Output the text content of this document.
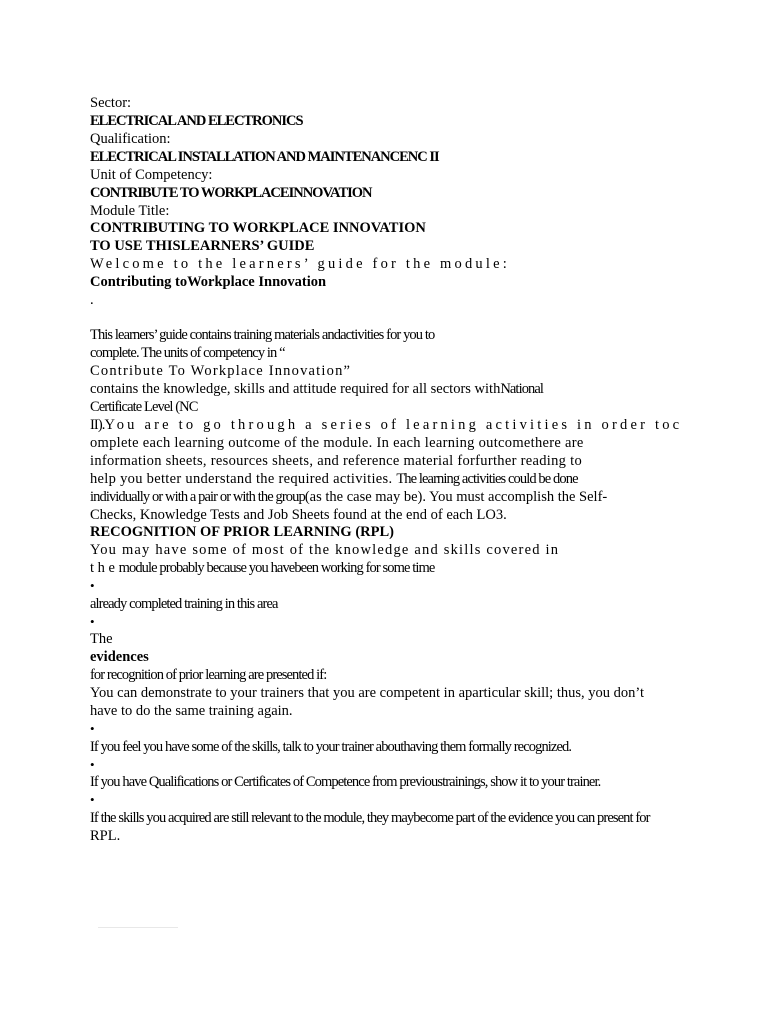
Sector:

ELECTRICAL AND ELECTRONICS

Qualification:

ELECTRICAL INSTALLATION AND MAINTENANCENC II

Unit of Competency:

CONTRIBUTE TO WORKPLACEINNOVATION

Module Title:

CONTRIBUTING TO WORKPLACE INNOVATION

TO USE THISLEARNERS’ GUIDE

Welcome to the learners’ guide for the module:

Contributing toWorkplace Innovation

.

This learners’ guide contains training materials andactivities for you to

complete. The units of competency in “

Contribute To Workplace Innovation”

contains the knowledge, skills and attitude required for all sectors withNational

Certificate Level (NC

II).You are to go through a series of learning activities in order toc

omplete each learning outcome of the module. In each learning outcomethere are

information sheets, resources sheets, and reference material forfurther reading to

help you better understand the required activities. The learning activities could be done

individually or with a pair or with the group(as the case may be). You must accomplish the Self-

Checks, Knowledge Tests and Job Sheets found at the end of each LO3.

RECOGNITION OF PRIOR LEARNING (RPL)

You may have some of most of the knowledge and skills covered in

t h e module probably because you havebeen working for some time

•

already completed training in this area

•

The

evidences

for recognition of prior learning are presented if:

You can demonstrate to your trainers that you are competent in aparticular skill; thus, you don’t

have to do the same training again.

•

If you feel you have some of the skills, talk to your trainer abouthaving them formally recognized.

•

If you have Qualifications or Certificates of Competence from previoustrainings, show it to your trainer.

•

If the skills you acquired are still relevant to the module, they maybecome part of the evidence you can present for

RPL.
